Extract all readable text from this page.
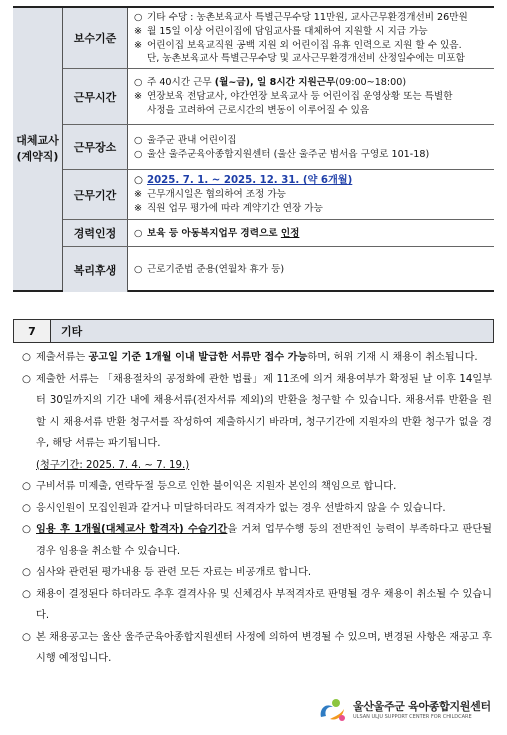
대체교사
(계약직)
보수기준
○ 기타 수당 : 농촌보육교사 특별근무수당 11만원, 교사근무환경개선비 26만원
※ 월 15일 이상 어린이집에 담임교사를 대체하여 지원할 시 지급 가능
※ 어린이집 보육교직원 공백 지원 외 어린이집 유휴 인력으로 지원 할 수 있음.
단, 농촌보육교사 특별근무수당 및 교사근무환경개선비 산정일수에는 미포함
근무시간
○ 주 40시간 근무 (월~금), 일 8시간 지원근무(09:00~18:00)
※ 연장보육 전담교사, 야간연장 보육교사 등 어린이집 운영상황 또는 특별한
사정을 고려하여 근로시간의 변동이 이루어질 수 있음
근무장소
○ 울주군 관내 어린이집
○ 울산 울주군육아종합지원센터 (울산 울주군 범서읍 구영로 101-18)
근무기간
○ 2025. 7. 1. ~ 2025. 12. 31. (약 6개월)
※ 근무개시일은 협의하여 조정 가능
※ 직원 업무 평가에 따라 계약기간 연장 가능
경력인정	○ 보육 등 아동복지업무 경력으로 인정
복리후생	○ 근로기준법 준용(연월차 휴가 등)
7	기타
○ 제출서류는 공고일 기준 1개월 이내 발급한 서류만 접수 가능하며, 허위 기재 시 채용이 취소됩니다.
○ 제출한 서류는 「채용절차의 공정화에 관한 법률」제 11조에 의거 채용여부가 확정된 날 이후 14일부터 30일까지의 기간 내에 채용서류(전자서류 제외)의 반환을 청구할 수 있습니다. 채용서류 반환을 원할 시 채용서류 반환 청구서를 작성하여 제출하시기 바라며, 청구기간에 지원자의 반환 청구가 없을 경우, 해당 서류는 파기됩니다.
(청구기간: 2025. 7. 4. ~ 7. 19.)
○ 구비서류 미제출, 연락두절 등으로 인한 불이익은 지원자 본인의 책임으로 합니다.
○ 응시인원이 모집인원과 같거나 미달하더라도 적격자가 없는 경우 선발하지 않을 수 있습니다.
○ 임용 후 1개월(대체교사 합격자) 수습기간을 거쳐 업무수행 등의 전반적인 능력이 부족하다고 판단될 경우 임용을 취소할 수 있습니다.
○ 심사와 관련된 평가내용 등 관련 모든 자료는 비공개로 합니다.
○ 채용이 결정된다 하더라도 추후 결격사유 및 신체검사 부적격자로 판명될 경우 채용이 취소될 수 있습니다.
○ 본 채용공고는 울산 울주군육아종합지원센터 사정에 의하여 변경될 수 있으며, 변경된 사항은 재공고 후 시행 예정입니다.
울산울주군 육아종합지원센터
ULSAN ULJU SUPPORT CENTER FOR CHILDCARE
